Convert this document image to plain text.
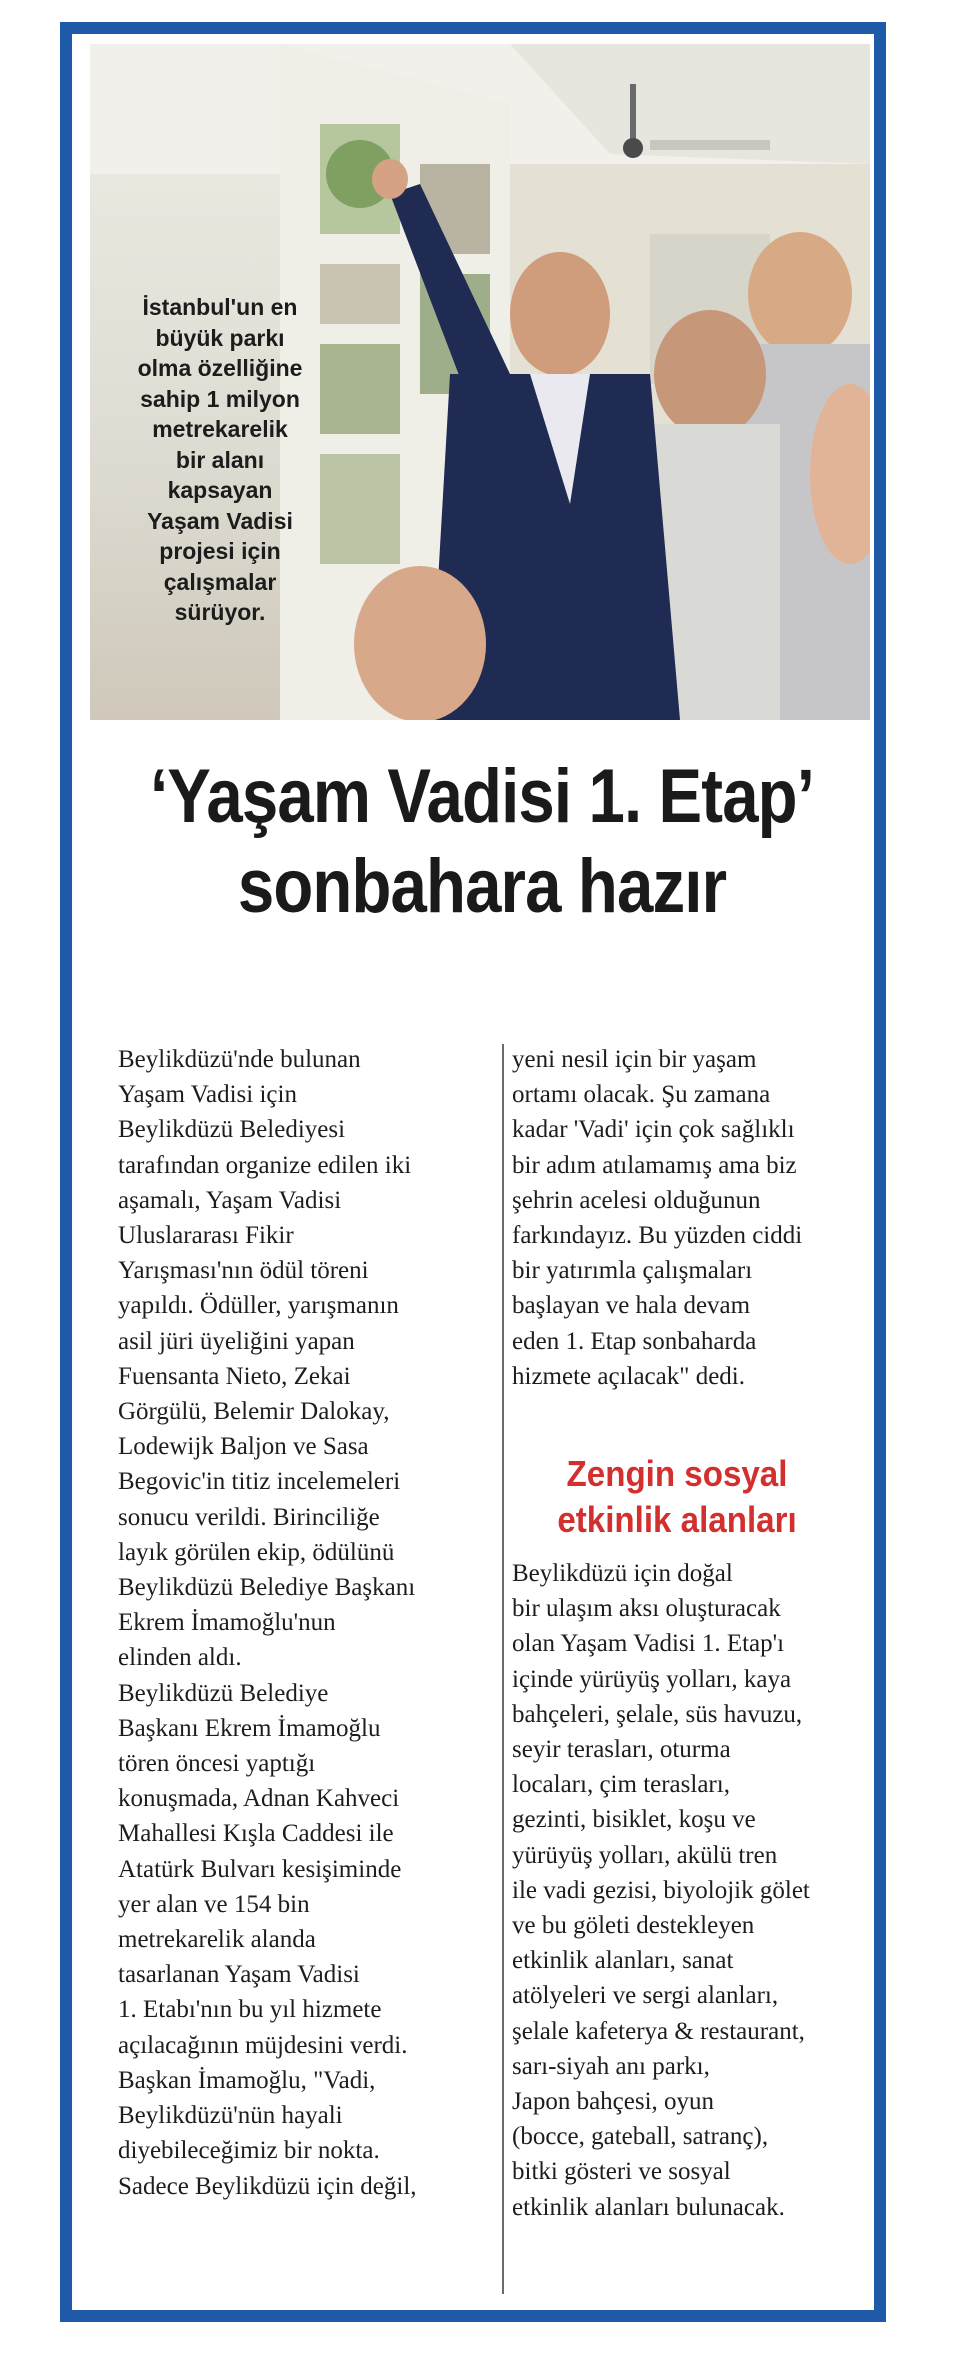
İstanbul'un en
büyük parkı
olma özelliğine
sahip 1 milyon
metrekarelik
bir alanı
kapsayan
Yaşam Vadisi
projesi için
çalışmalar
sürüyor.
‘Yaşam Vadisi 1. Etap’
sonbahara hazır
Beylikdüzü'nde bulunan
Yaşam Vadisi için
Beylikdüzü Belediyesi
tarafından organize edilen iki
aşamalı, Yaşam Vadisi
Uluslararası Fikir
Yarışması'nın ödül töreni
yapıldı. Ödüller, yarışmanın
asil jüri üyeliğini yapan
Fuensanta Nieto, Zekai
Görgülü, Belemir Dalokay,
Lodewijk Baljon ve Sasa
Begovic'in titiz incelemeleri
sonucu verildi. Birinciliğe
layık görülen ekip, ödülünü
Beylikdüzü Belediye Başkanı
Ekrem İmamoğlu'nun
elinden aldı.
Beylikdüzü Belediye
Başkanı Ekrem İmamoğlu
tören öncesi yaptığı
konuşmada, Adnan Kahveci
Mahallesi Kışla Caddesi ile
Atatürk Bulvarı kesişiminde
yer alan ve 154 bin
metrekarelik alanda
tasarlanan Yaşam Vadisi
1. Etabı'nın bu yıl hizmete
açılacağının müjdesini verdi.
Başkan İmamoğlu, "Vadi,
Beylikdüzü'nün hayali
diyebileceğimiz bir nokta.
Sadece Beylikdüzü için değil,
yeni nesil için bir yaşam
ortamı olacak. Şu zamana
kadar 'Vadi' için çok sağlıklı
bir adım atılamamış ama biz
şehrin acelesi olduğunun
farkındayız. Bu yüzden ciddi
bir yatırımla çalışmaları
başlayan ve hala devam
eden 1. Etap sonbaharda
hizmete açılacak" dedi.
Zengin sosyal
etkinlik alanları
Beylikdüzü için doğal
bir ulaşım aksı oluşturacak
olan Yaşam Vadisi 1. Etap'ı
içinde yürüyüş yolları, kaya
bahçeleri, şelale, süs havuzu,
seyir terasları, oturma
locaları, çim terasları,
gezinti, bisiklet, koşu ve
yürüyüş yolları, akülü tren
ile vadi gezisi, biyolojik gölet
ve bu göleti destekleyen
etkinlik alanları, sanat
atölyeleri ve sergi alanları,
şelale kafeterya & restaurant,
sarı-siyah anı parkı,
Japon bahçesi, oyun
(bocce, gateball, satranç),
bitki gösteri ve sosyal
etkinlik alanları bulunacak.
